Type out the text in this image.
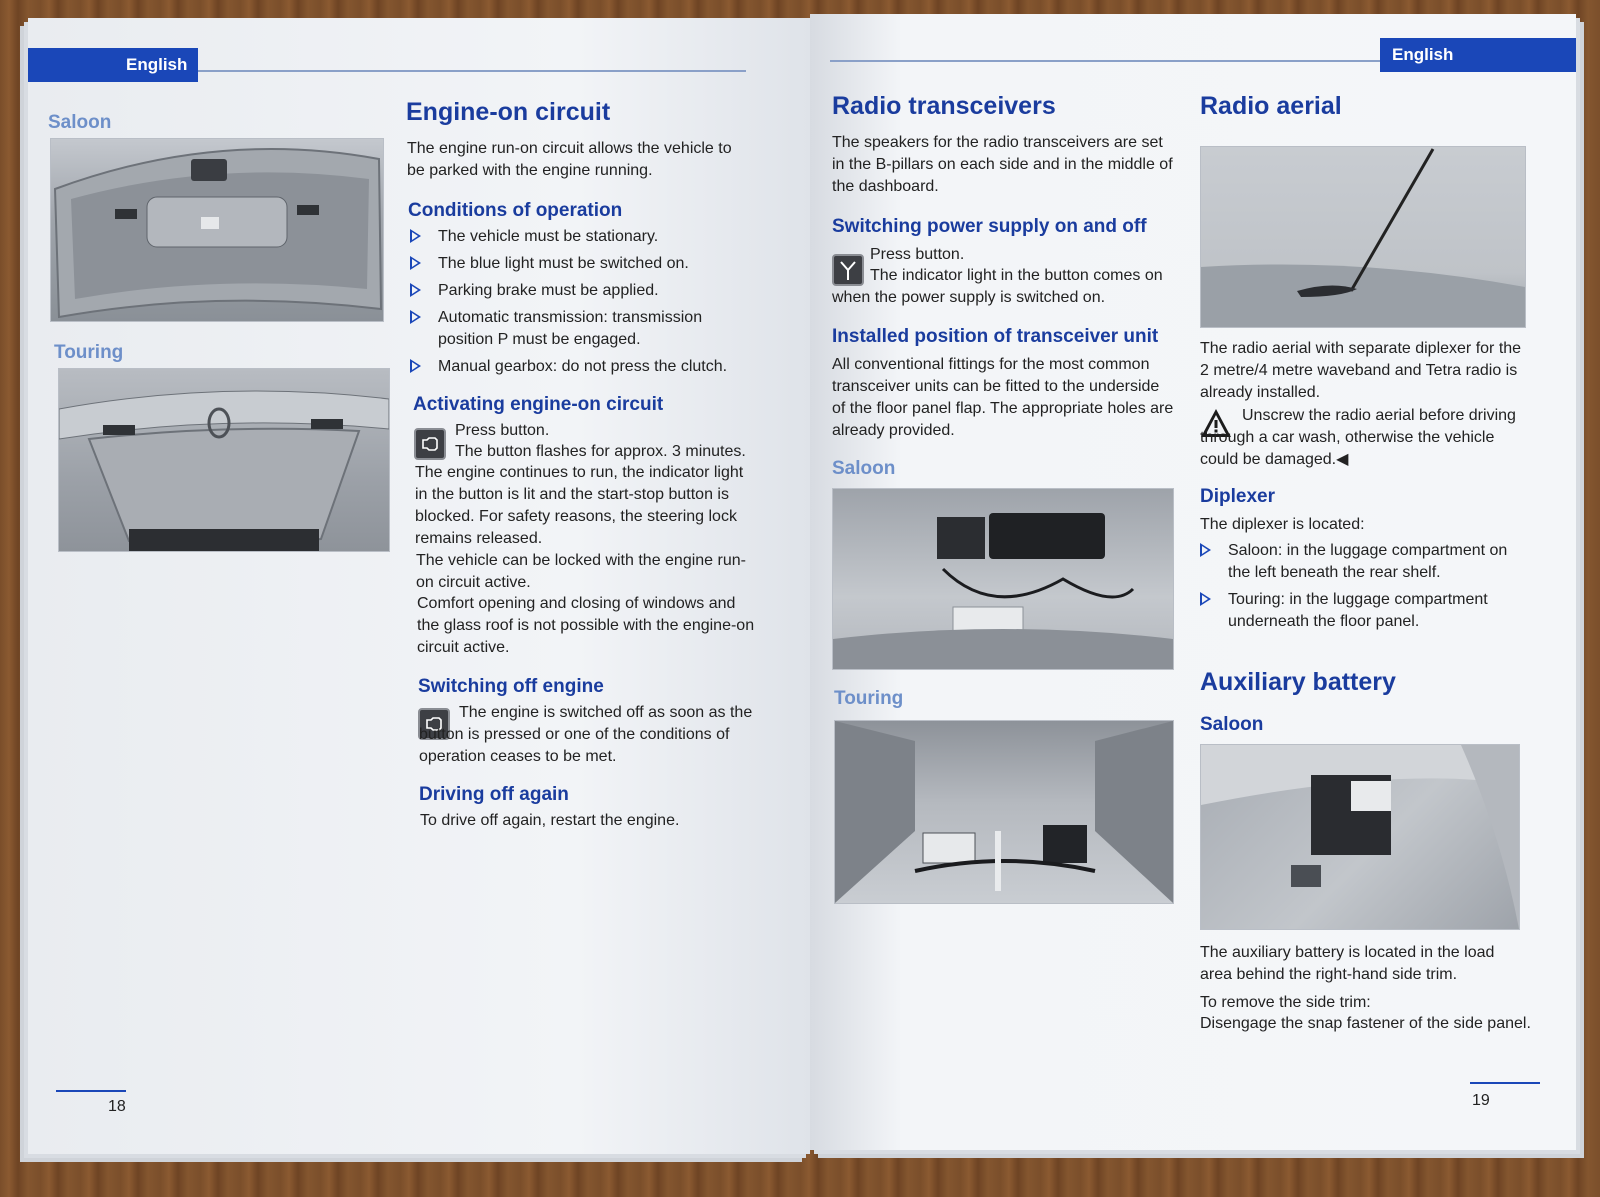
English
Saloon
Touring
Engine-on circuit

The engine run-on circuit allows the vehicle to be parked with the engine running.

Conditions of operation
The vehicle must be stationary.
The blue light must be switched on.
Parking brake must be applied.
Automatic transmission: transmission position P must be engaged.
Manual gearbox: do not press the clutch.
Activating engine-on circuit

Press button.

The button flashes for approx. 3 minutes.

The engine continues to run, the indicator light in the button is lit and the start-stop button is blocked. For safety reasons, the steering lock remains released.

The vehicle can be locked with the engine run-on circuit active.

Comfort opening and closing of windows and the glass roof is not possible with the engine-on circuit active.

Switching off engine

The engine is switched off as soon as the button is pressed or one of the conditions of operation ceases to be met.

Driving off again

To drive off again, restart the engine.

18
English
Radio transceivers

The speakers for the radio transceivers are set in the B-pillars on each side and in the middle of the dashboard.

Switching power supply on and off

Press button.

The indicator light in the button comes on when the power supply is switched on.

Installed position of transceiver unit

All conventional fittings for the most common transceiver units can be fitted to the underside of the floor panel flap. The appropriate holes are already provided.

Saloon
Touring
Radio aerial

The radio aerial with separate diplexer for the 2 metre/4 metre waveband and Tetra radio is already installed.

Unscrew the radio aerial before driving through a car wash, otherwise the vehicle could be damaged.◀

Diplexer

The diplexer is located:

Saloon: in the luggage compartment on the left beneath the rear shelf.
Touring: in the luggage compartment underneath the floor panel.
Auxiliary battery
Saloon

The auxiliary battery is located in the load area behind the right-hand side trim.

To remove the side trim:

Disengage the snap fastener of the side panel.

19
